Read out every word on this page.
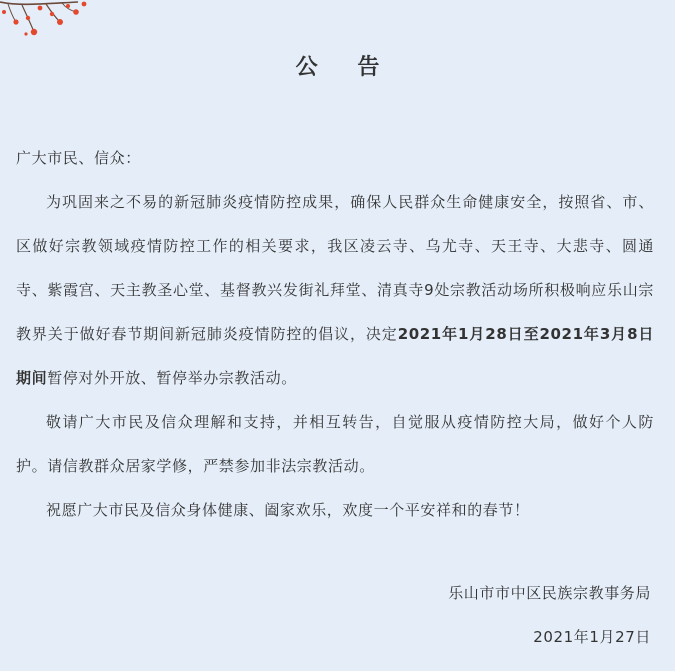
公 告

广大市民、信众：

为巩固来之不易的新冠肺炎疫情防控成果，确保人民群众生命健康安全，按照省、市、区做好宗教领域疫情防控工作的相关要求，我区凌云寺、乌尤寺、天王寺、大悲寺、圆通寺、紫霞宫、天主教圣心堂、基督教兴发街礼拜堂、清真寺9处宗教活动场所积极响应乐山宗教界关于做好春节期间新冠肺炎疫情防控的倡议，决定2021年1月28日至2021年3月8日期间暂停对外开放、暂停举办宗教活动。

敬请广大市民及信众理解和支持，并相互转告，自觉服从疫情防控大局，做好个人防护。请信教群众居家学修，严禁参加非法宗教活动。

祝愿广大市民及信众身体健康、阖家欢乐，欢度一个平安祥和的春节！

乐山市市中区民族宗教事务局
2021年1月27日
